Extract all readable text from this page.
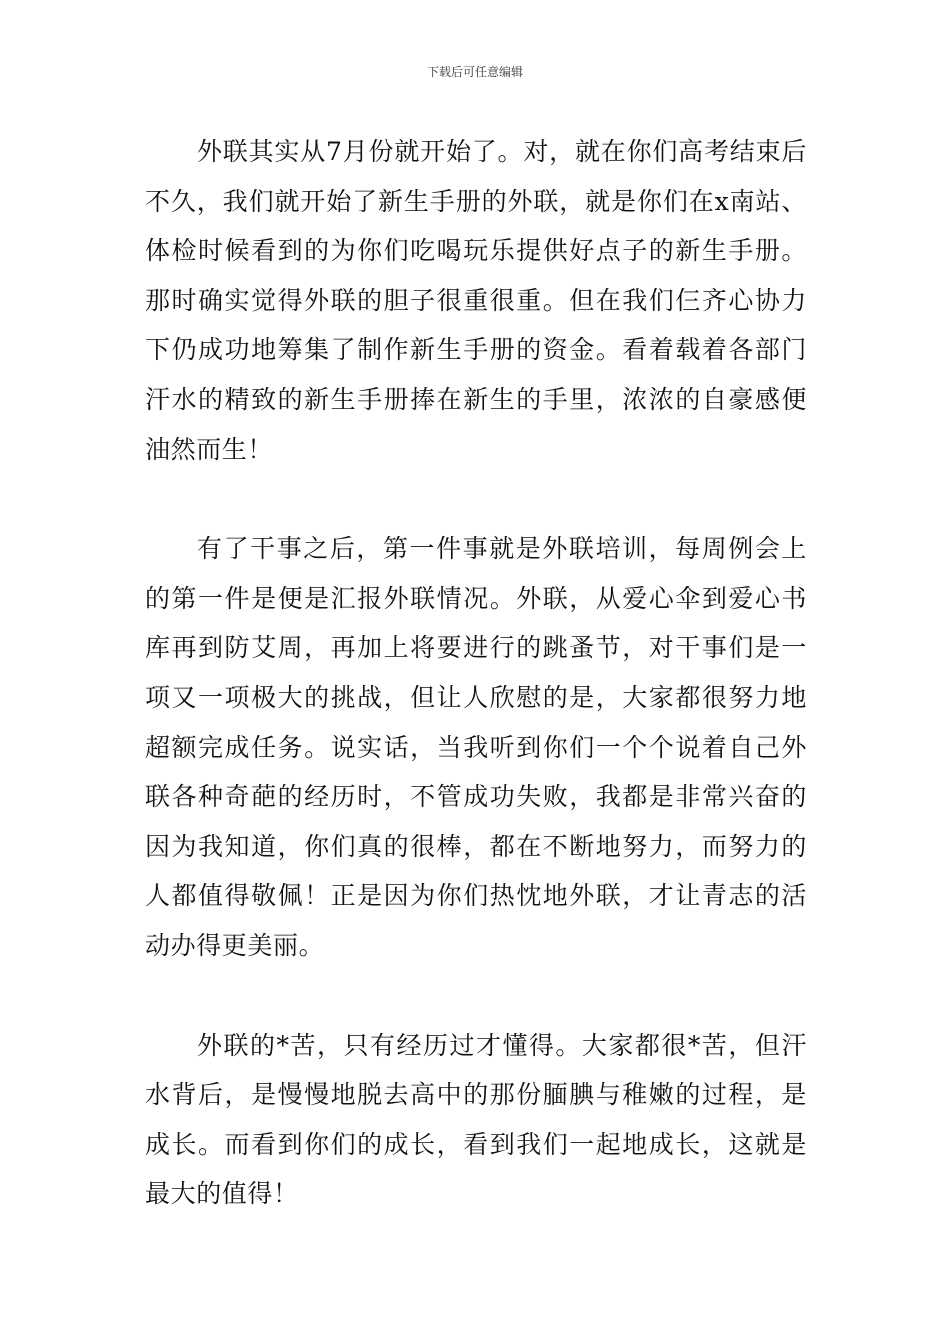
下载后可任意编辑

外联其实从7月份就开始了。对，就在你们高考结束后不久，我们就开始了新生手册的外联，就是你们在x南站、体检时候看到的为你们吃喝玩乐提供好点子的新生手册。那时确实觉得外联的胆子很重很重。但在我们仨齐心协力下仍成功地筹集了制作新生手册的资金。看着载着各部门汗水的精致的新生手册捧在新生的手里，浓浓的自豪感便油然而生！

有了干事之后，第一件事就是外联培训，每周例会上的第一件是便是汇报外联情况。外联，从爱心伞到爱心书库再到防艾周，再加上将要进行的跳蚤节，对干事们是一项又一项极大的挑战，但让人欣慰的是，大家都很努力地超额完成任务。说实话，当我听到你们一个个说着自己外联各种奇葩的经历时，不管成功失败，我都是非常兴奋的因为我知道，你们真的很棒，都在不断地努力，而努力的人都值得敬佩！正是因为你们热忱地外联，才让青志的活动办得更美丽。

外联的*苦，只有经历过才懂得。大家都很*苦，但汗水背后，是慢慢地脱去高中的那份腼腆与稚嫩的过程，是成长。而看到你们的成长，看到我们一起地成长，这就是最大的值得！
